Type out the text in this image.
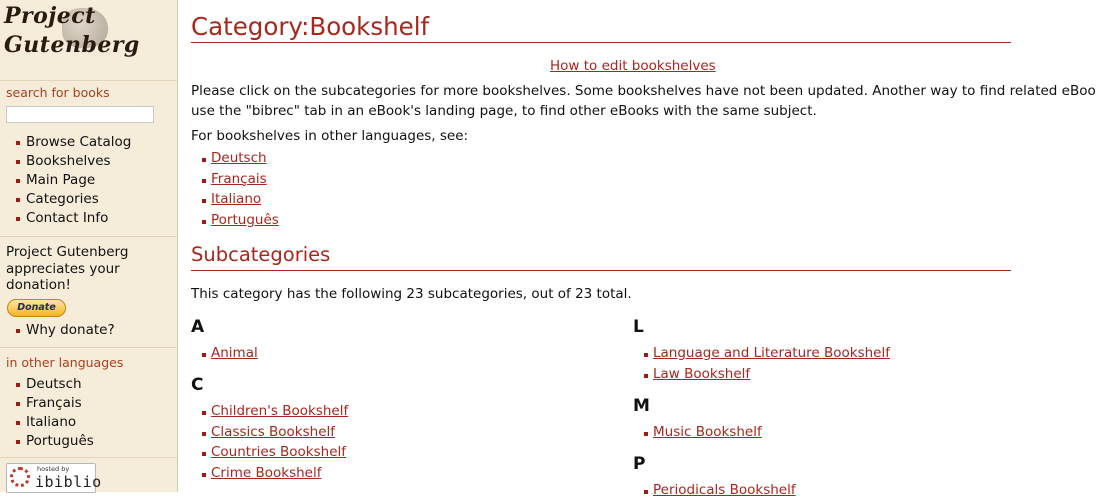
Project
Gutenberg
search for books
Browse Catalog
Bookshelves
Main Page
Categories
Contact Info
Project Gutenberg appreciates your donation!
Donate
Why donate?
in other languages
Deutsch
Français
Italiano
Português
hosted by
ibiblio
Category:Bookshelf
How to edit bookshelves
Please click on the subcategories for more bookshelves. Some bookshelves have not been updated. Another way to find related eBoo
use the "bibrec" tab in an eBook's landing page, to find other eBooks with the same subject.
For bookshelves in other languages, see:
Deutsch
Français
Italiano
Português
Subcategories
This category has the following 23 subcategories, out of 23 total.
A
Animal
C
Children's Bookshelf
Classics Bookshelf
Countries Bookshelf
Crime Bookshelf
L
Language and Literature Bookshelf
Law Bookshelf
M
Music Bookshelf
P
Periodicals Bookshelf
